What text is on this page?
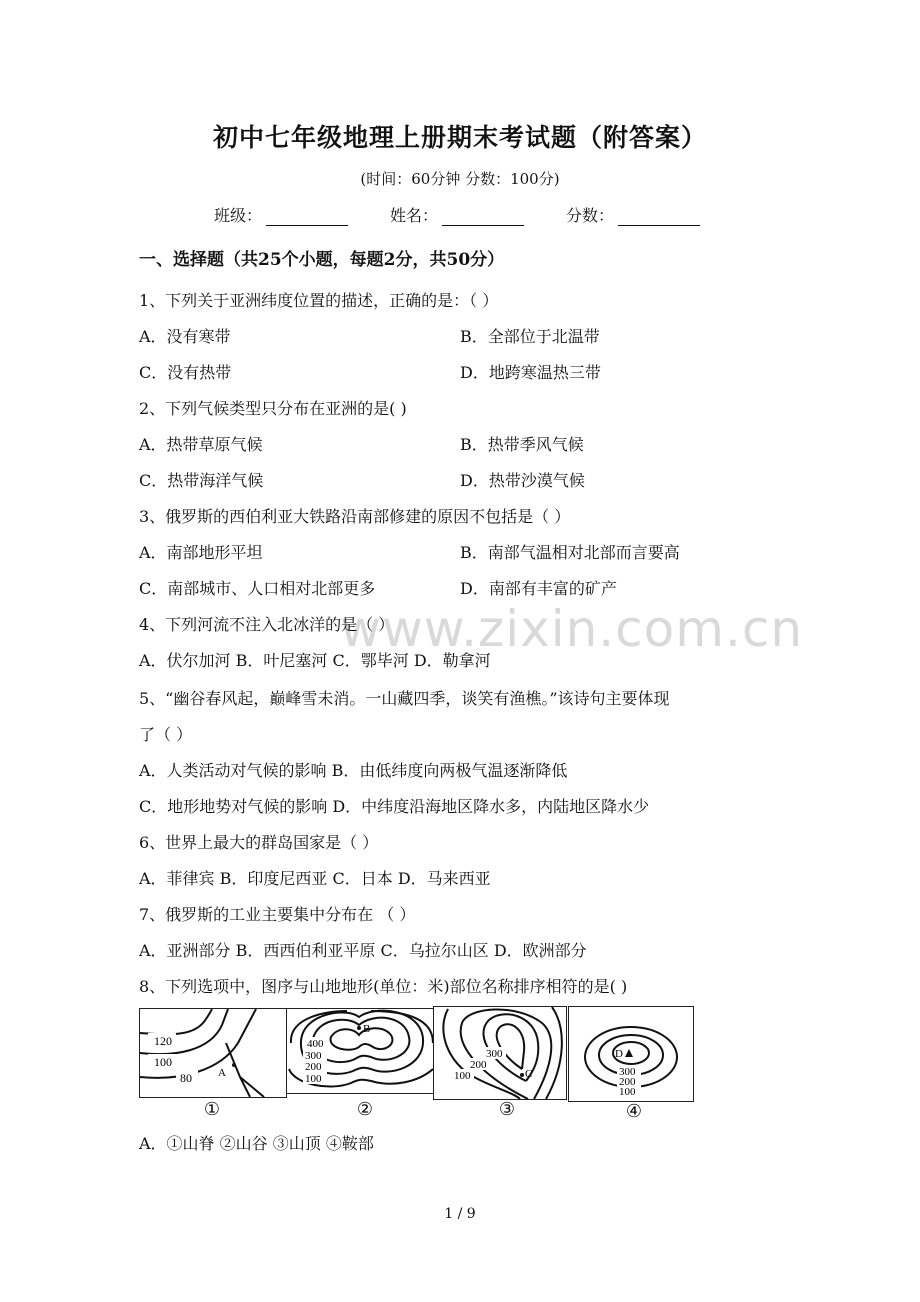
初中七年级地理上册期末考试题（附答案）
(时间：60分钟 分数：100分)
班级：	姓名：	分数：
一、选择题（共25个小题，每题2分，共50分）
www.zixin.com.cn
1、下列关于亚洲纬度位置的描述，正确的是：（ ）
A．没有寒带	B．全部位于北温带
C．没有热带	D．地跨寒温热三带
2、下列气候类型只分布在亚洲的是( )
A．热带草原气候	B．热带季风气候
C．热带海洋气候	D．热带沙漠气候
3、俄罗斯的西伯利亚大铁路沿南部修建的原因不包括是（ ）
A．南部地形平坦	B．南部气温相对北部而言要高
C．南部城市、人口相对北部更多	D．南部有丰富的矿产
4、下列河流不注入北冰洋的是（ ）
A．伏尔加河 B．叶尼塞河 C．鄂毕河 D．勒拿河
5、“幽谷春风起，巅峰雪未消。一山藏四季，谈笑有渔樵。”该诗句主要体现
了（ ）
A．人类活动对气候的影响 B．由低纬度向两极气温逐渐降低
C．地形地势对气候的影响 D．中纬度沿海地区降水多，内陆地区降水少
6、世界上最大的群岛国家是（ ）
A．菲律宾 B．印度尼西亚 C．日本 D．马来西亚
7、俄罗斯的工业主要集中分布在 （ ）
A．亚洲部分 B．西西伯利亚平原 C．乌拉尔山区 D．欧洲部分
8、下列选项中，图序与山地地形(单位：米)部位名称排序相符的是( )
120
100
80 A
①
400
300
200
100
B
②
300
200
100	C
③
300
200
100
D
④
A．①山脊 ②山谷 ③山顶 ④鞍部
1 / 9
